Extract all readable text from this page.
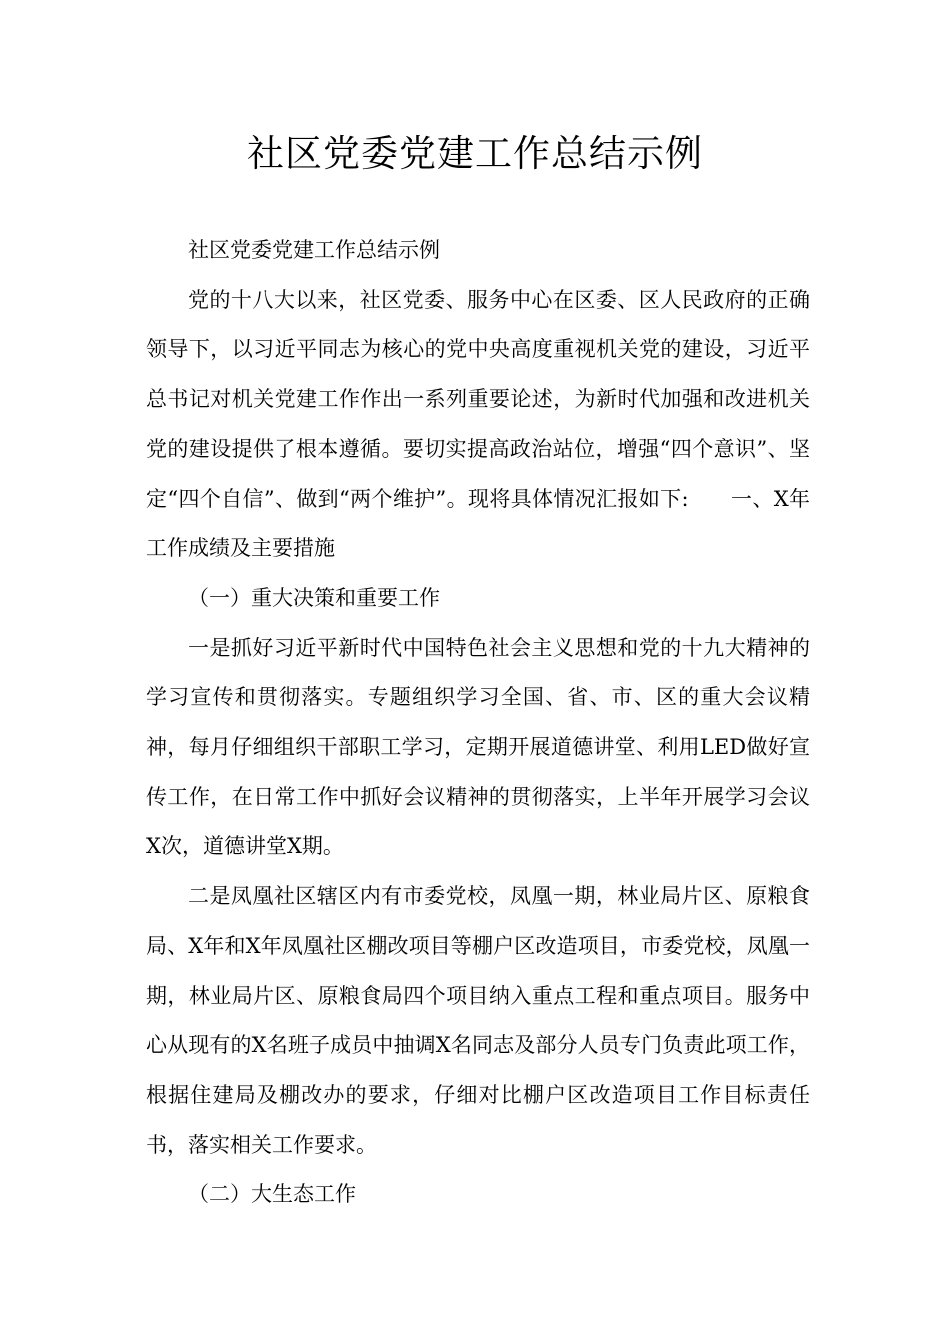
社区党委党建工作总结示例

社区党委党建工作总结示例

党的十八大以来，社区党委、服务中心在区委、区人民政府的正确领导下，以习近平同志为核心的党中央高度重视机关党的建设，习近平总书记对机关党建工作作出一系列重要论述，为新时代加强和改进机关党的建设提供了根本遵循。要切实提高政治站位，增强“四个意识”、坚定“四个自信”、做到“两个维护”。现将具体情况汇报如下: 一、X年工作成绩及主要措施

（一）重大决策和重要工作

一是抓好习近平新时代中国特色社会主义思想和党的十九大精神的学习宣传和贯彻落实。专题组织学习全国、省、市、区的重大会议精神，每月仔细组织干部职工学习，定期开展道德讲堂、利用LED做好宣传工作，在日常工作中抓好会议精神的贯彻落实，上半年开展学习会议X次，道德讲堂X期。

二是凤凰社区辖区内有市委党校，凤凰一期，林业局片区、原粮食局、X年和X年凤凰社区棚改项目等棚户区改造项目，市委党校，凤凰一期，林业局片区、原粮食局四个项目纳入重点工程和重点项目。服务中心从现有的X名班子成员中抽调X名同志及部分人员专门负责此项工作，根据住建局及棚改办的要求，仔细对比棚户区改造项目工作目标责任书，落实相关工作要求。

（二）大生态工作
